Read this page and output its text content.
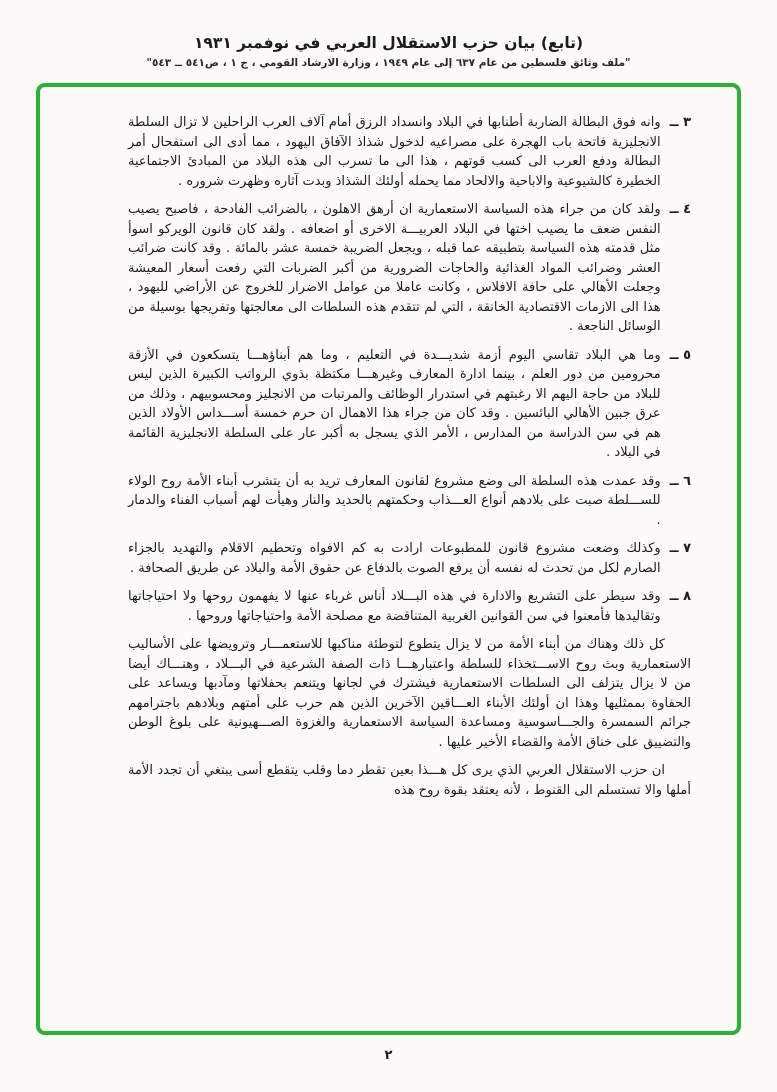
(تابع) بيان حزب الاستقلال العربي في نوفمبر ١٩٣١
"ملف وثائق فلسطين من عام ٦٣٧ إلى عام ١٩٤٩ ، وزارة الارشاد القومي ، ج ١ ، ص٥٤١ ــ ٥٤٣"
٣ ــ

وانه فوق البطالة الضاربة أطنابها في البلاد وانسداد الرزق أمام آلاف العرب الراحلين لا تزال السلطة الانجليزية فاتحة باب الهجرة على مصراعيه لدخول شذاذ الآفاق اليهود ، مما أدى الى استفحال أمر البطالة ودفع العرب الى كسب قوتهم ، هذا الى ما تسرب الى هذه البلاد من المبادئ الاجتماعية الخطيرة كالشيوعية والاباحية والالحاد مما يحمله أولئك الشذاذ وبدت آثاره وظهرت شروره .

٤ ــ

ولقد كان من جراء هذه السياسة الاستعمارية ان أرهق الاهلون ، بالضرائب الفادحة ، فاصبح يصيب النفس ضعف ما يصيب اختها في البلاد العربيـــة الاخرى أو اضعافه . ولقد كان قانون الويركو اسوأ مثل قدمته هذه السياسة بتطبيقه عما قبله ، ويجعل الضريبة خمسة عشر بالمائة . وقد كانت ضرائب العشر وضرائب المواد الغذائية والحاجات الضرورية من أكبر الضربات التي رفعت أسعار المعيشة وجعلت الأهالي على حافة الافلاس ، وكانت عاملا من عوامل الاضرار للخروج عن الأراضي لليهود ، هذا الى الازمات الاقتصادية الخانقة ، التي لم تتقدم هذه السلطات الى معالجتها وتفريجها بوسيلة من الوسائل الناجعة .

٥ ــ

وما هي البلاد تقاسي اليوم أزمة شديـــدة في التعليم ، وما هم أبناؤهـــا يتسكعون في الأزقة محرومين من دور العلم ، بينما ادارة المعارف وغيرهـــا مكتظة بذوي الرواتب الكبيرة الذين ليس للبلاد من حاجة اليهم الا رغبتهم في استدرار الوظائف والمرتبات من الانجليز ومحسوبيهم ، وذلك من عرق جبين الأهالي البائسين . وقد كان من جراء هذا الاهمال ان حرم خمسة أســـداس الأولاد الذين هم في سن الدراسة من المدارس ، الأمر الذي يسجل به أكبر عار على السلطة الانجليزية القائمة في البلاد .

٦ ــ

وقد عمدت هذه السلطة الى وضع مشروع لقانون المعارف تريد به أن يتشرب أبناء الأمة روح الولاء للســـلطة صبت على بلادهم أنواع العـــذاب وحكمتهم بالحديد والنار وهيأت لهم أسباب الفناء والدمار .

٧ ــ

وكذلك وضعت مشروع قانون للمطبوعات ارادت به كم الافواه وتحطيم الاقلام والتهديد بالجزاء الصارم لكل من تحدث له نفسه أن يرفع الصوت بالدفاع عن حقوق الأمة والبلاد عن طريق الصحافة .

٨ ــ

وقد سيطر على التشريع والادارة في هذه البـــلاد أناس غرباء عنها لا يفهمون روحها ولا احتياجاتها وتقاليدها فأمعنوا في سن القوانين الغربية المتناقضة مع مصلحة الأمة واحتياجاتها وروحها .

كل ذلك وهناك من أبناء الأمة من لا يزال يتطوع لتوطئة مناكبها للاستعمـــار وترويضها على الأساليب الاستعمارية وبث روح الاســـتخذاء للسلطة واعتبارهـــا ذات الصفة الشرعية في البـــلاد ، وهنـــاك أيضا من لا يزال يتزلف الى السلطات الاستعمارية فيشترك في لجانها ويتنعم بحفلاتها ومآدبها ويساعد على الحفاوة بممثليها وهذا ان أولئك الأبناء العـــاقين الآخرين الذين هم حرب على أمتهم وبلادهم باجترامهم جرائم السمسرة والجـــاسوسية ومساعدة السياسة الاستعمارية والغزوة الصـــهيونية على بلوغ الوطن والتضييق على خناق الأمة والقضاء الأخير عليها .

ان حزب الاستقلال العربي الذي يرى كل هـــذا بعين تقطر دما وقلب يتقطع أسى يبتغي أن تجدد الأمة أملها والا تستسلم الى القنوط ، لأنه يعتقد بقوة روح هذه

٢
